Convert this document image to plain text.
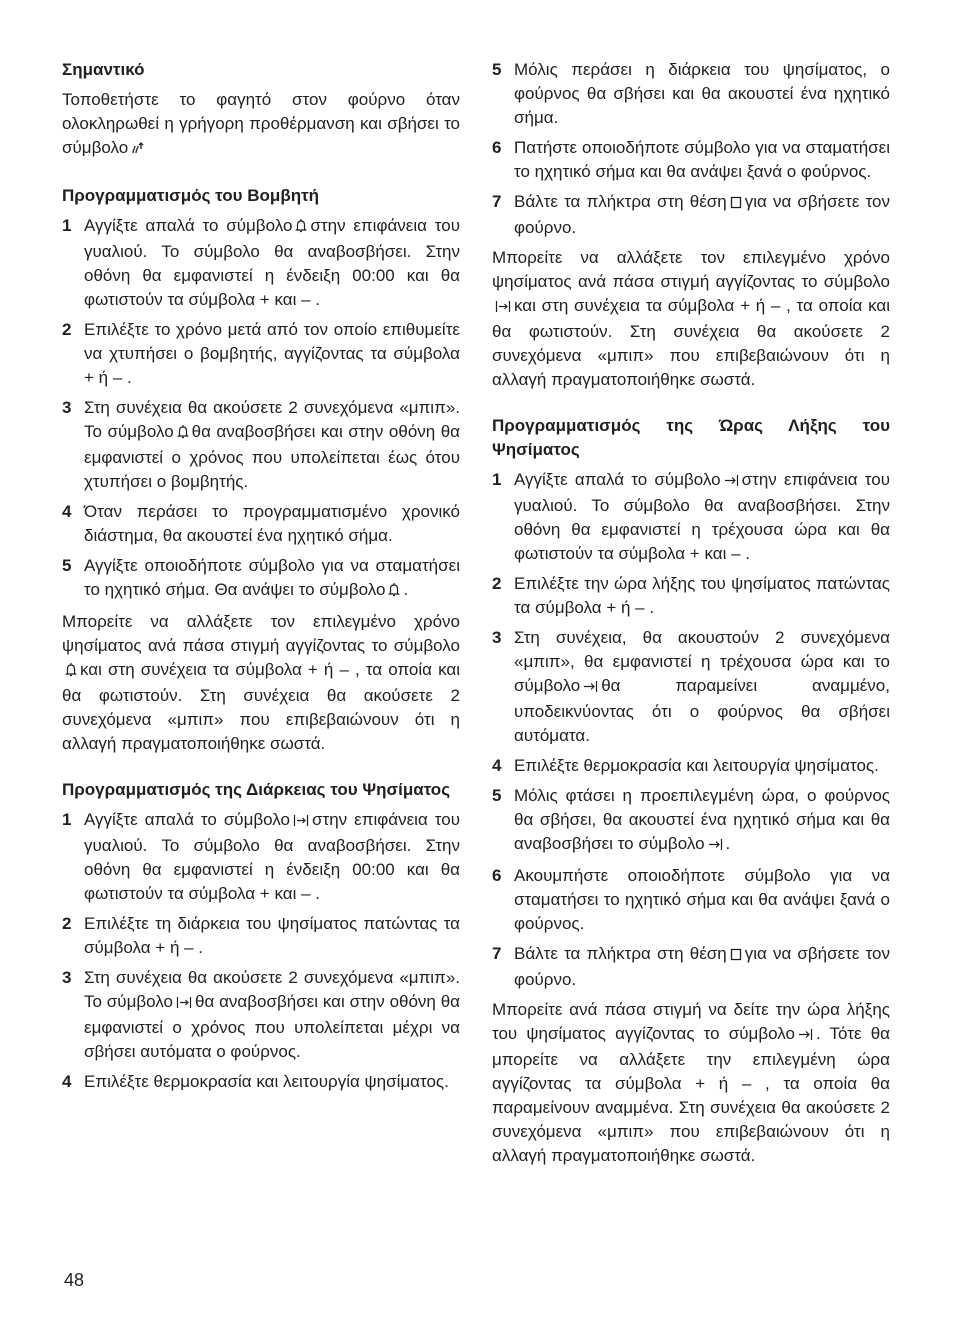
Σημαντικό

Τοποθετήστε το φαγητό στον φούρνο όταν ολοκληρωθεί η γρήγορη προθέρμανση και σβήσει το σύμβολο

Προγραμματισμός του Βομβητή
1 Αγγίξτε απαλά το σύμβολο στην επιφάνεια του γυαλιού. Το σύμβολο θα αναβοσβήσει. Στην οθόνη θα εμφανιστεί η ένδειξη 00:00 και θα φωτιστούν τα σύμβολα + και – .
2 Επιλέξτε το χρόνο μετά από τον οποίο επιθυμείτε να χτυπήσει ο βομβητής, αγγίζοντας τα σύμβολα + ή – .
3 Στη συνέχεια θα ακούσετε 2 συνεχόμενα «μπιπ». Το σύμβολο θα αναβοσβήσει και στην οθόνη θα εμφανιστεί ο χρόνος που υπολείπεται έως ότου χτυπήσει ο βομβητής.
4 Όταν περάσει το προγραμματισμένο χρονικό διάστημα, θα ακουστεί ένα ηχητικό σήμα.
5 Αγγίξτε οποιοδήποτε σύμβολο για να σταματήσει το ηχητικό σήμα. Θα ανάψει το σύμβολο .

Μπορείτε να αλλάξετε τον επιλεγμένο χρόνο ψησίματος ανά πάσα στιγμή αγγίζοντας το σύμβολοκαι στη συνέχεια τα σύμβολα + ή – , τα οποία και θα φωτιστούν. Στη συνέχεια θα ακούσετε 2 συνεχόμενα «μπιπ» που επιβεβαιώνουν ότι η αλλαγή πραγματοποιήθηκε σωστά.

Προγραμματισμός της Διάρκειας του Ψησίματος
1 Αγγίξτε απαλά το σύμβολο στην επιφάνεια του γυαλιού. Το σύμβολο θα αναβοσβήσει. Στην οθόνη θα εμφανιστεί η ένδειξη 00:00 και θα φωτιστούν τα σύμβολα + και – .
2 Επιλέξτε τη διάρκεια του ψησίματος πατώντας τα σύμβολα + ή – .
3 Στη συνέχεια θα ακούσετε 2 συνεχόμενα «μπιπ». Το σύμβολο θα αναβοσβήσει και στην οθόνη θα εμφανιστεί ο χρόνος που υπολείπεται μέχρι να σβήσει αυτόματα ο φούρνος.
4 Επιλέξτε θερμοκρασία και λειτουργία ψησίματος.
5 Μόλις περάσει η διάρκεια του ψησίματος, ο φούρνος θα σβήσει και θα ακουστεί ένα ηχητικό σήμα.
6 Πατήστε οποιοδήποτε σύμβολο για να σταματήσει το ηχητικό σήμα και θα ανάψει ξανά ο φούρνος.
7 Βάλτε τα πλήκτρα στη θέση για να σβήσετε τον φούρνο.

Μπορείτε να αλλάξετε τον επιλεγμένο χρόνο ψησίματος ανά πάσα στιγμή αγγίζοντας το σύμβολοκαι στη συνέχεια τα σύμβολα + ή – , τα οποία και θα φωτιστούν. Στη συνέχεια θα ακούσετε 2 συνεχόμενα «μπιπ» που επιβεβαιώνουν ότι η αλλαγή πραγματοποιήθηκε σωστά.

Προγραμματισμός της Ώρας Λήξης του Ψησίματος
1 Αγγίξτε απαλά το σύμβολο στην επιφάνεια του γυαλιού. Το σύμβολο θα αναβοσβήσει. Στην οθόνη θα εμφανιστεί η τρέχουσα ώρα και θα φωτιστούν τα σύμβολα + και – .
2 Επιλέξτε την ώρα λήξης του ψησίματος πατώντας τα σύμβολα + ή – .
3 Στη συνέχεια, θα ακουστούν 2 συνεχόμενα «μπιπ», θα εμφανιστεί η τρέχουσα ώρα και το σύμβολο θα παραμείνει αναμμένο, υποδεικνύοντας ότι ο φούρνος θα σβήσει αυτόματα.
4 Επιλέξτε θερμοκρασία και λειτουργία ψησίματος.
5 Μόλις φτάσει η προεπιλεγμένη ώρα, ο φούρνος θα σβήσει, θα ακουστεί ένα ηχητικό σήμα και θα αναβοσβήσει το σύμβολο .
6 Ακουμπήστε οποιοδήποτε σύμβολο για να σταματήσει το ηχητικό σήμα και θα ανάψει ξανά ο φούρνος.
7 Βάλτε τα πλήκτρα στη θέση για να σβήσετε τον φούρνο.

Μπορείτε ανά πάσα στιγμή να δείτε την ώρα λήξης του ψησίματος αγγίζοντας το σύμβολο . Τότε θα μπορείτε να αλλάξετε την επιλεγμένη ώρα αγγίζοντας τα σύμβολα + ή – , τα οποία θα παραμείνουν αναμμένα. Στη συνέχεια θα ακούσετε 2 συνεχόμενα «μπιπ» που επιβεβαιώνουν ότι η αλλαγή πραγματοποιήθηκε σωστά.

48
